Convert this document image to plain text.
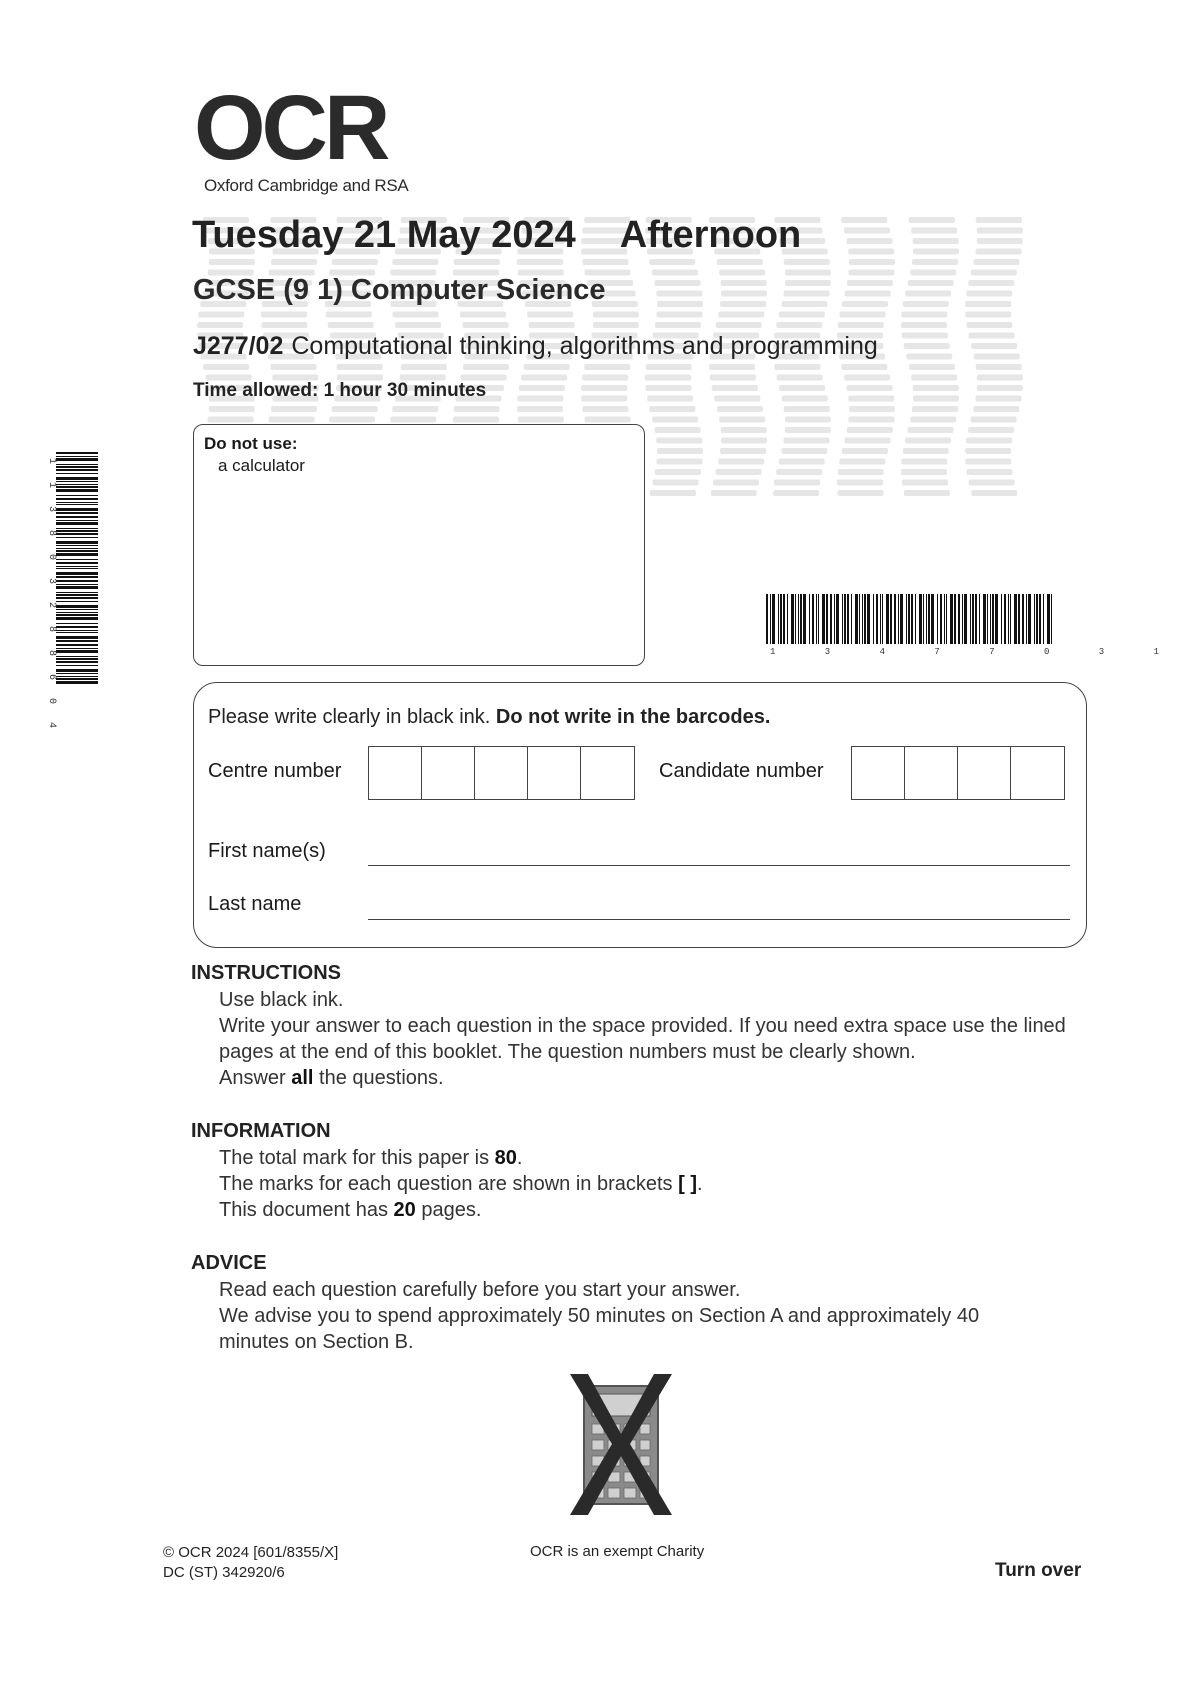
OCR
Oxford Cambridge and RSA
Tuesday 21 May 2024 Afternoon
GCSE (9 1) Computer Science
J277/02 Computational thinking, algorithms and programming
Time allowed: 1 hour 30 minutes
Do not use:
a calculator
1 3 4 7 7 0 3 1
1 1 3 8 0 3 2 8 8 6 0 4	Please write clearly in black ink. Do not write in the barcodes.
Centre number	Candidate number
First name(s)
Last name
INSTRUCTIONS

Use black ink.

Write your answer to each question in the space provided. If you need extra space use the lined pages at the end of this booklet. The question numbers must be clearly shown.

Answer all the questions.

INFORMATION

The total mark for this paper is 80.

The marks for each question are shown in brackets [ ].

This document has 20 pages.

ADVICE

Read each question carefully before you start your answer.

We advise you to spend approximately 50 minutes on Section A and approximately 40 minutes on Section B.

© OCR 2024 [601/8355/X]
DC (ST) 342920/6
OCR is an exempt Charity
Turn over
